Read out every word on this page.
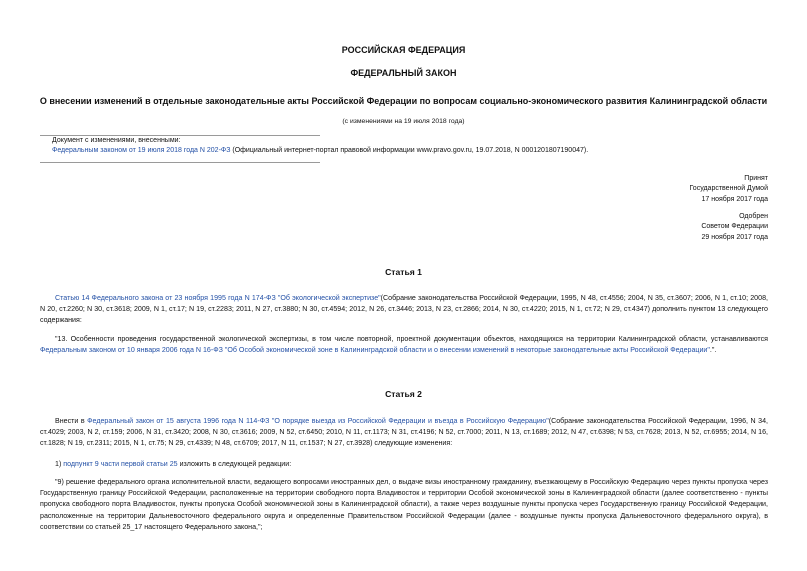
РОССИЙСКАЯ ФЕДЕРАЦИЯ
ФЕДЕРАЛЬНЫЙ ЗАКОН
О внесении изменений в отдельные законодательные акты Российской Федерации по вопросам социально-экономического развития Калининградской области
(с изменениями на 19 июля 2018 года)
Документ с изменениями, внесенными:
Федеральным законом от 19 июля 2018 года N 202-ФЗ (Официальный интернет-портал правовой информации www.pravo.gov.ru, 19.07.2018, N 0001201807190047).
Принят
Государственной Думой
17 ноября 2017 года
Одобрен
Советом Федерации
29 ноября 2017 года
Статья 1
Статью 14 Федерального закона от 23 ноября 1995 года N 174-ФЗ "Об экологической экспертизе"(Собрание законодательства Российской Федерации, 1995, N 48, ст.4556; 2004, N 35, ст.3607; 2006, N 1, ст.10; 2008, N 20, ст.2260; N 30, ст.3618; 2009, N 1, ст.17; N 19, ст.2283; 2011, N 27, ст.3880; N 30, ст.4594; 2012, N 26, ст.3446; 2013, N 23, ст.2866; 2014, N 30, ст.4220; 2015, N 1, ст.72; N 29, ст.4347) дополнить пунктом 13 следующего содержания:
"13. Особенности проведения государственной экологической экспертизы, в том числе повторной, проектной документации объектов, находящихся на территории Калининградской области, устанавливаются Федеральным законом от 10 января 2006 года N 16-ФЗ "Об Особой экономической зоне в Калининградской области и о внесении изменений в некоторые законодательные акты Российской Федерации".".
Статья 2
Внести в Федеральный закон от 15 августа 1996 года N 114-ФЗ "О порядке выезда из Российской Федерации и въезда в Российскую Федерацию"(Собрание законодательства Российской Федерации, 1996, N 34, ст.4029; 2003, N 2, ст.159; 2006, N 31, ст.3420; 2008, N 30, ст.3616; 2009, N 52, ст.6450; 2010, N 11, ст.1173; N 31, ст.4196; N 52, ст.7000; 2011, N 13, ст.1689; 2012, N 47, ст.6398; N 53, ст.7628; 2013, N 52, ст.6955; 2014, N 16, ст.1828; N 19, ст.2311; 2015, N 1, ст.75; N 29, ст.4339; N 48, ст.6709; 2017, N 11, ст.1537; N 27, ст.3928) следующие изменения:
1) подпункт 9 части первой статьи 25 изложить в следующей редакции:
"9) решение федерального органа исполнительной власти, ведающего вопросами иностранных дел, о выдаче визы иностранному гражданину, въезжающему в Российскую Федерацию через пункты пропуска через Государственную границу Российской Федерации, расположенные на территории свободного порта Владивосток и территории Особой экономической зоны в Калининградской области (далее соответственно - пункты пропуска свободного порта Владивосток, пункты пропуска Особой экономической зоны в Калининградской области), а также через воздушные пункты пропуска через Государственную границу Российской Федерации, расположенные на территории Дальневосточного федерального округа и определенные Правительством Российской Федерации (далее - воздушные пункты пропуска Дальневосточного федерального округа), в соответствии со статьей 25_17 настоящего Федерального закона,";
